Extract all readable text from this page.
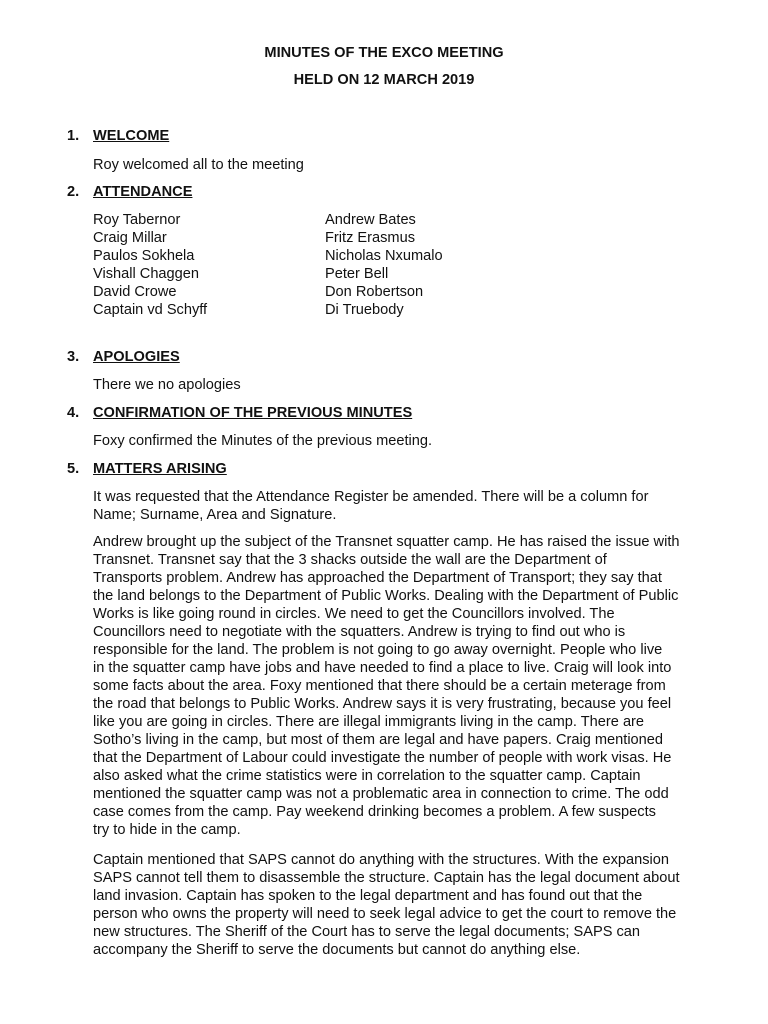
MINUTES OF THE EXCO MEETING
HELD ON 12 MARCH 2019
1. WELCOME
Roy welcomed all to the meeting
2. ATTENDANCE
Roy Tabernor
Craig Millar
Paulos Sokhela
Vishall Chaggen
David Crowe
Captain vd Schyff
Andrew Bates
Fritz Erasmus
Nicholas Nxumalo
Peter Bell
Don Robertson
Di Truebody
3. APOLOGIES
There we no apologies
4. CONFIRMATION OF THE PREVIOUS MINUTES
Foxy confirmed the Minutes of the previous meeting.
5. MATTERS ARISING
It was requested that the Attendance Register be amended. There will be a column for
Name; Surname, Area and Signature.
Andrew brought up the subject of the Transnet squatter camp. He has raised the issue with
Transnet. Transnet say that the 3 shacks outside the wall are the Department of
Transports problem. Andrew has approached the Department of Transport; they say that
the land belongs to the Department of Public Works. Dealing with the Department of Public
Works is like going round in circles. We need to get the Councillors involved. The
Councillors need to negotiate with the squatters. Andrew is trying to find out who is
responsible for the land. The problem is not going to go away overnight. People who live
in the squatter camp have jobs and have needed to find a place to live. Craig will look into
some facts about the area. Foxy mentioned that there should be a certain meterage from
the road that belongs to Public Works. Andrew says it is very frustrating, because you feel
like you are going in circles. There are illegal immigrants living in the camp. There are
Sotho’s living in the camp, but most of them are legal and have papers. Craig mentioned
that the Department of Labour could investigate the number of people with work visas. He
also asked what the crime statistics were in correlation to the squatter camp. Captain
mentioned the squatter camp was not a problematic area in connection to crime. The odd
case comes from the camp. Pay weekend drinking becomes a problem. A few suspects
try to hide in the camp.
Captain mentioned that SAPS cannot do anything with the structures. With the expansion
SAPS cannot tell them to disassemble the structure. Captain has the legal document about
land invasion. Captain has spoken to the legal department and has found out that the
person who owns the property will need to seek legal advice to get the court to remove the
new structures. The Sheriff of the Court has to serve the legal documents; SAPS can
accompany the Sheriff to serve the documents but cannot do anything else.
